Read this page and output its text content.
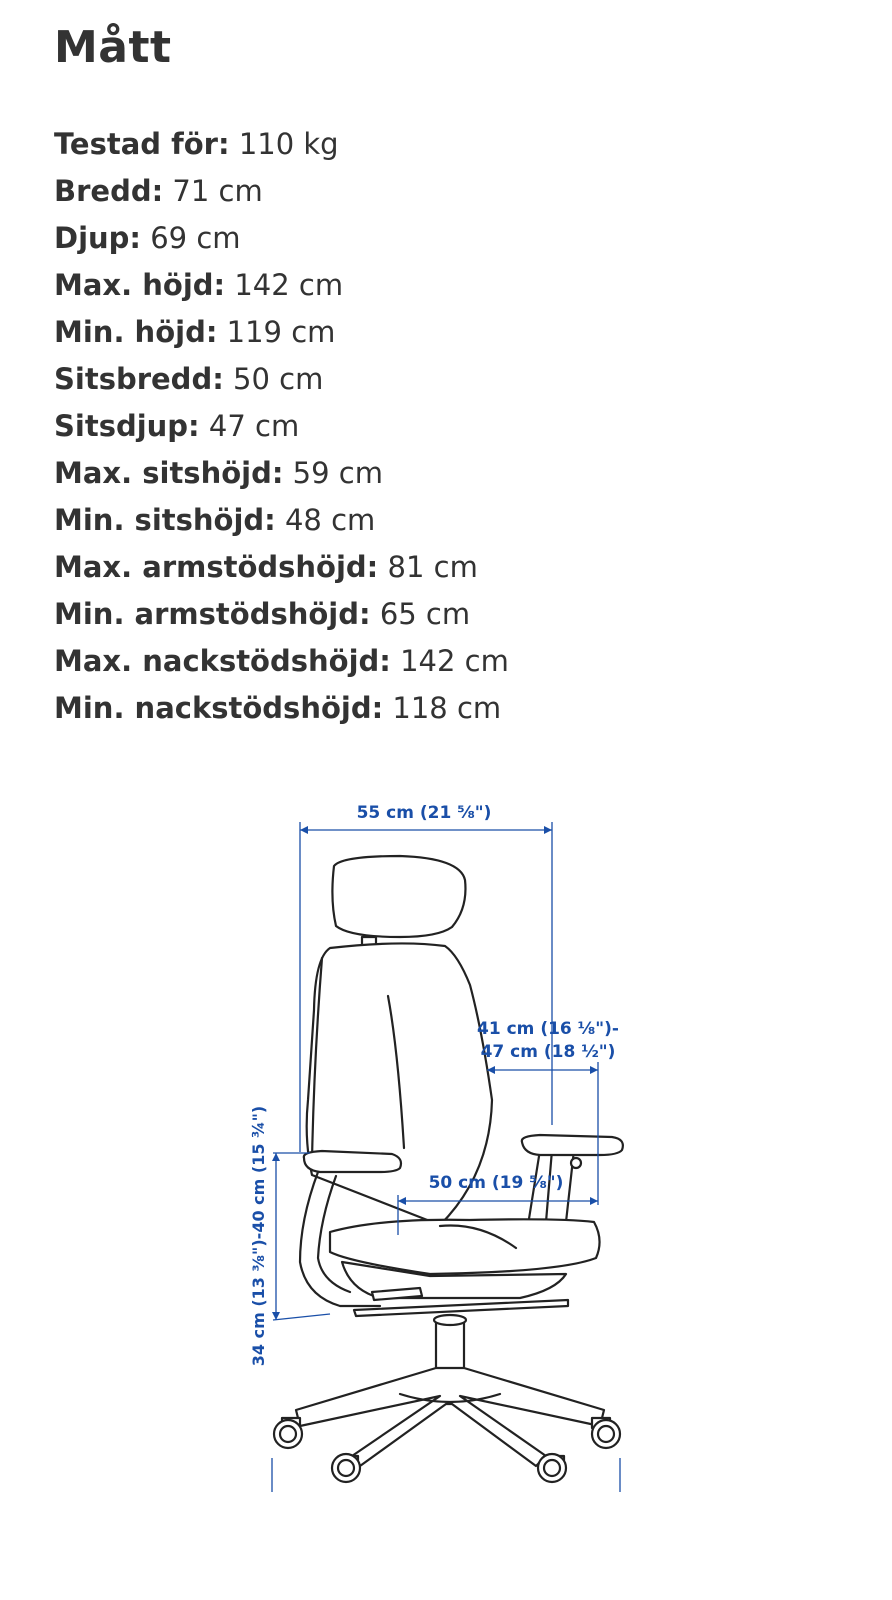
Mått
Testad för: 110 kg
Bredd: 71 cm
Djup: 69 cm
Max. höjd: 142 cm
Min. höjd: 119 cm
Sitsbredd: 50 cm
Sitsdjup: 47 cm
Max. sitshöjd: 59 cm
Min. sitshöjd: 48 cm
Max. armstödshöjd: 81 cm
Min. armstödshöjd: 65 cm
Max. nackstödshöjd: 142 cm
Min. nackstödshöjd: 118 cm
55 cm (21 ⅝")
41 cm (16 ⅛")-
47 cm (18 ½")
50 cm (19 ⅝")
34 cm (13 ⅜")-40 cm (15 ¾")
